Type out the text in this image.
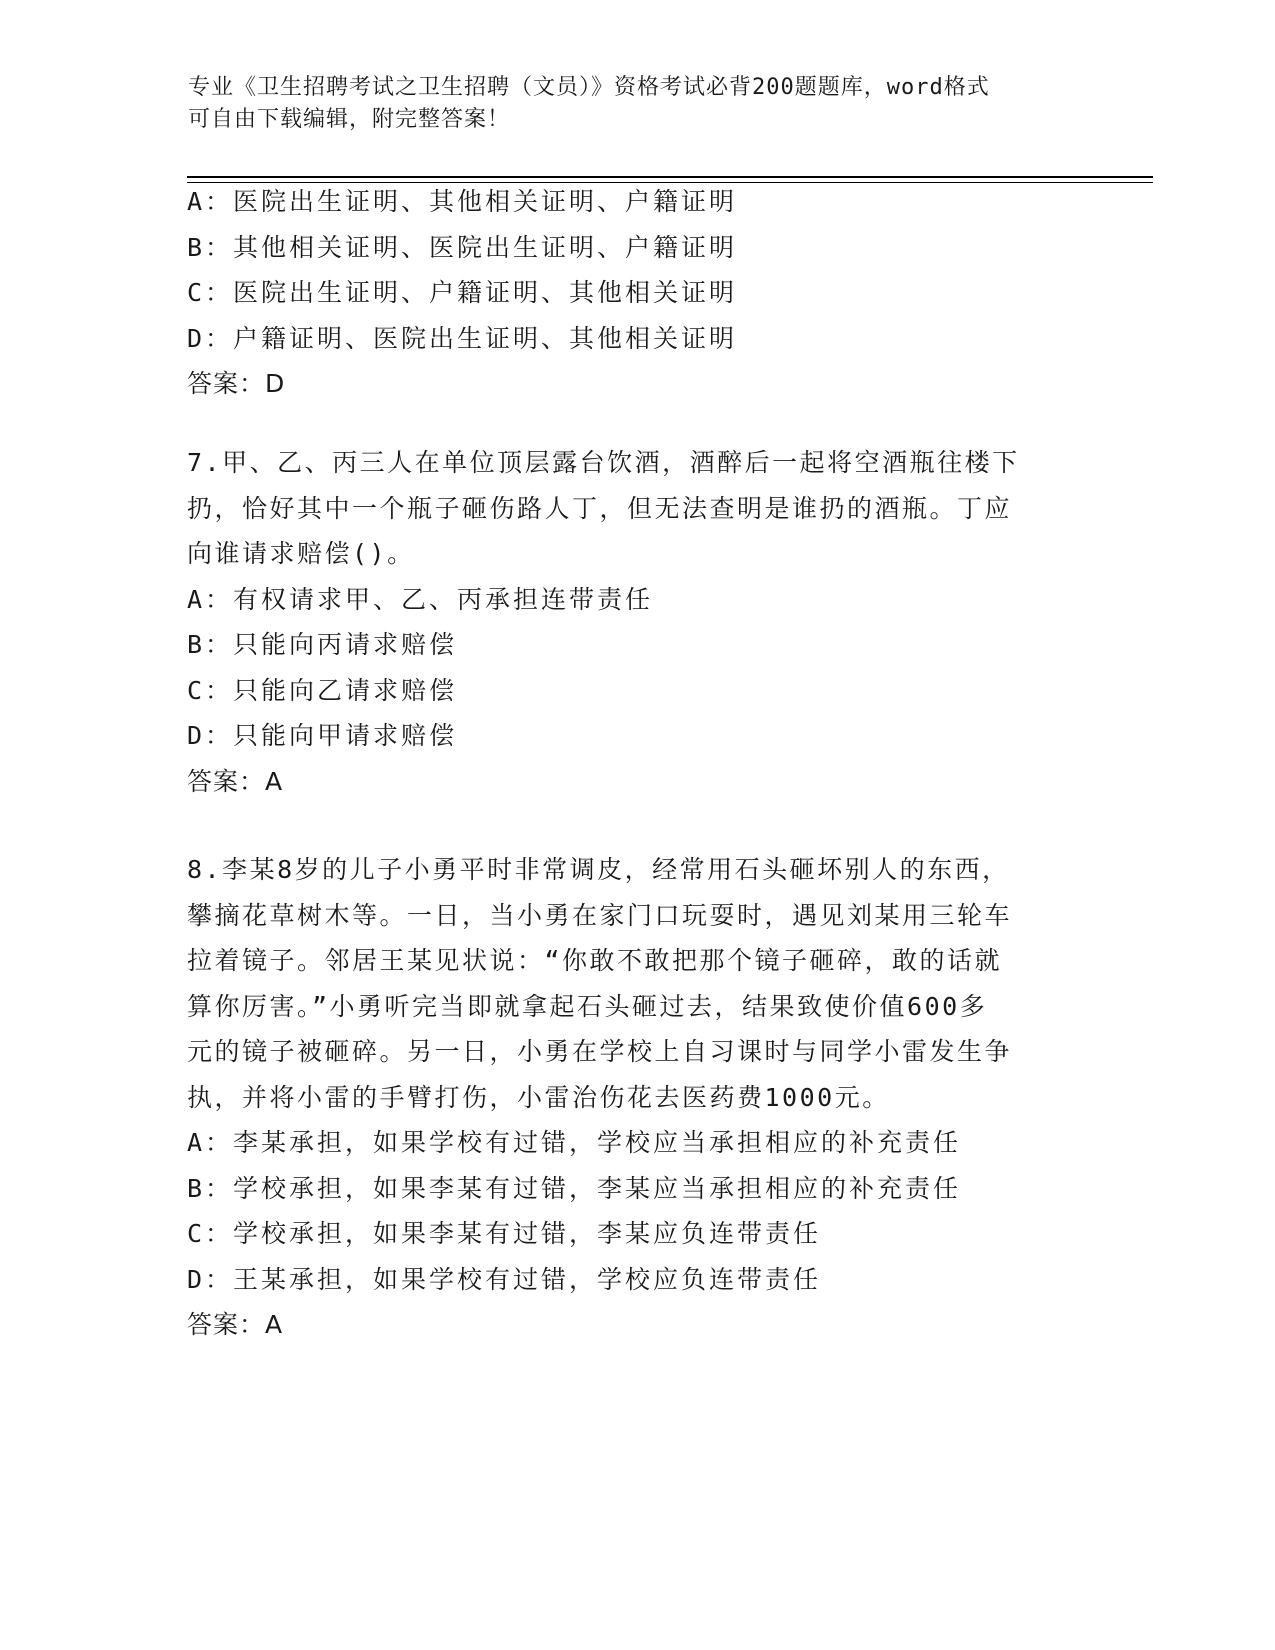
专业《卫生招聘考试之卫生招聘（文员）》资格考试必背200题题库，word格式
可自由下载编辑，附完整答案！
A：医院出生证明、其他相关证明、户籍证明
B：其他相关证明、医院出生证明、户籍证明
C：医院出生证明、户籍证明、其他相关证明
D：户籍证明、医院出生证明、其他相关证明
答案：D
7.甲、乙、丙三人在单位顶层露台饮酒，酒醉后一起将空酒瓶往楼下
扔，恰好其中一个瓶子砸伤路人丁，但无法查明是谁扔的酒瓶。丁应
向谁请求赔偿()。
A：有权请求甲、乙、丙承担连带责任
B：只能向丙请求赔偿
C：只能向乙请求赔偿
D：只能向甲请求赔偿
答案：A
8.李某8岁的儿子小勇平时非常调皮，经常用石头砸坏别人的东西，
攀摘花草树木等。一日，当小勇在家门口玩耍时，遇见刘某用三轮车
拉着镜子。邻居王某见状说：“你敢不敢把那个镜子砸碎，敢的话就
算你厉害。”小勇听完当即就拿起石头砸过去，结果致使价值600多
元的镜子被砸碎。另一日，小勇在学校上自习课时与同学小雷发生争
执，并将小雷的手臂打伤，小雷治伤花去医药费1000元。
A：李某承担，如果学校有过错，学校应当承担相应的补充责任
B：学校承担，如果李某有过错，李某应当承担相应的补充责任
C：学校承担，如果李某有过错，李某应负连带责任
D：王某承担，如果学校有过错，学校应负连带责任
答案：A
